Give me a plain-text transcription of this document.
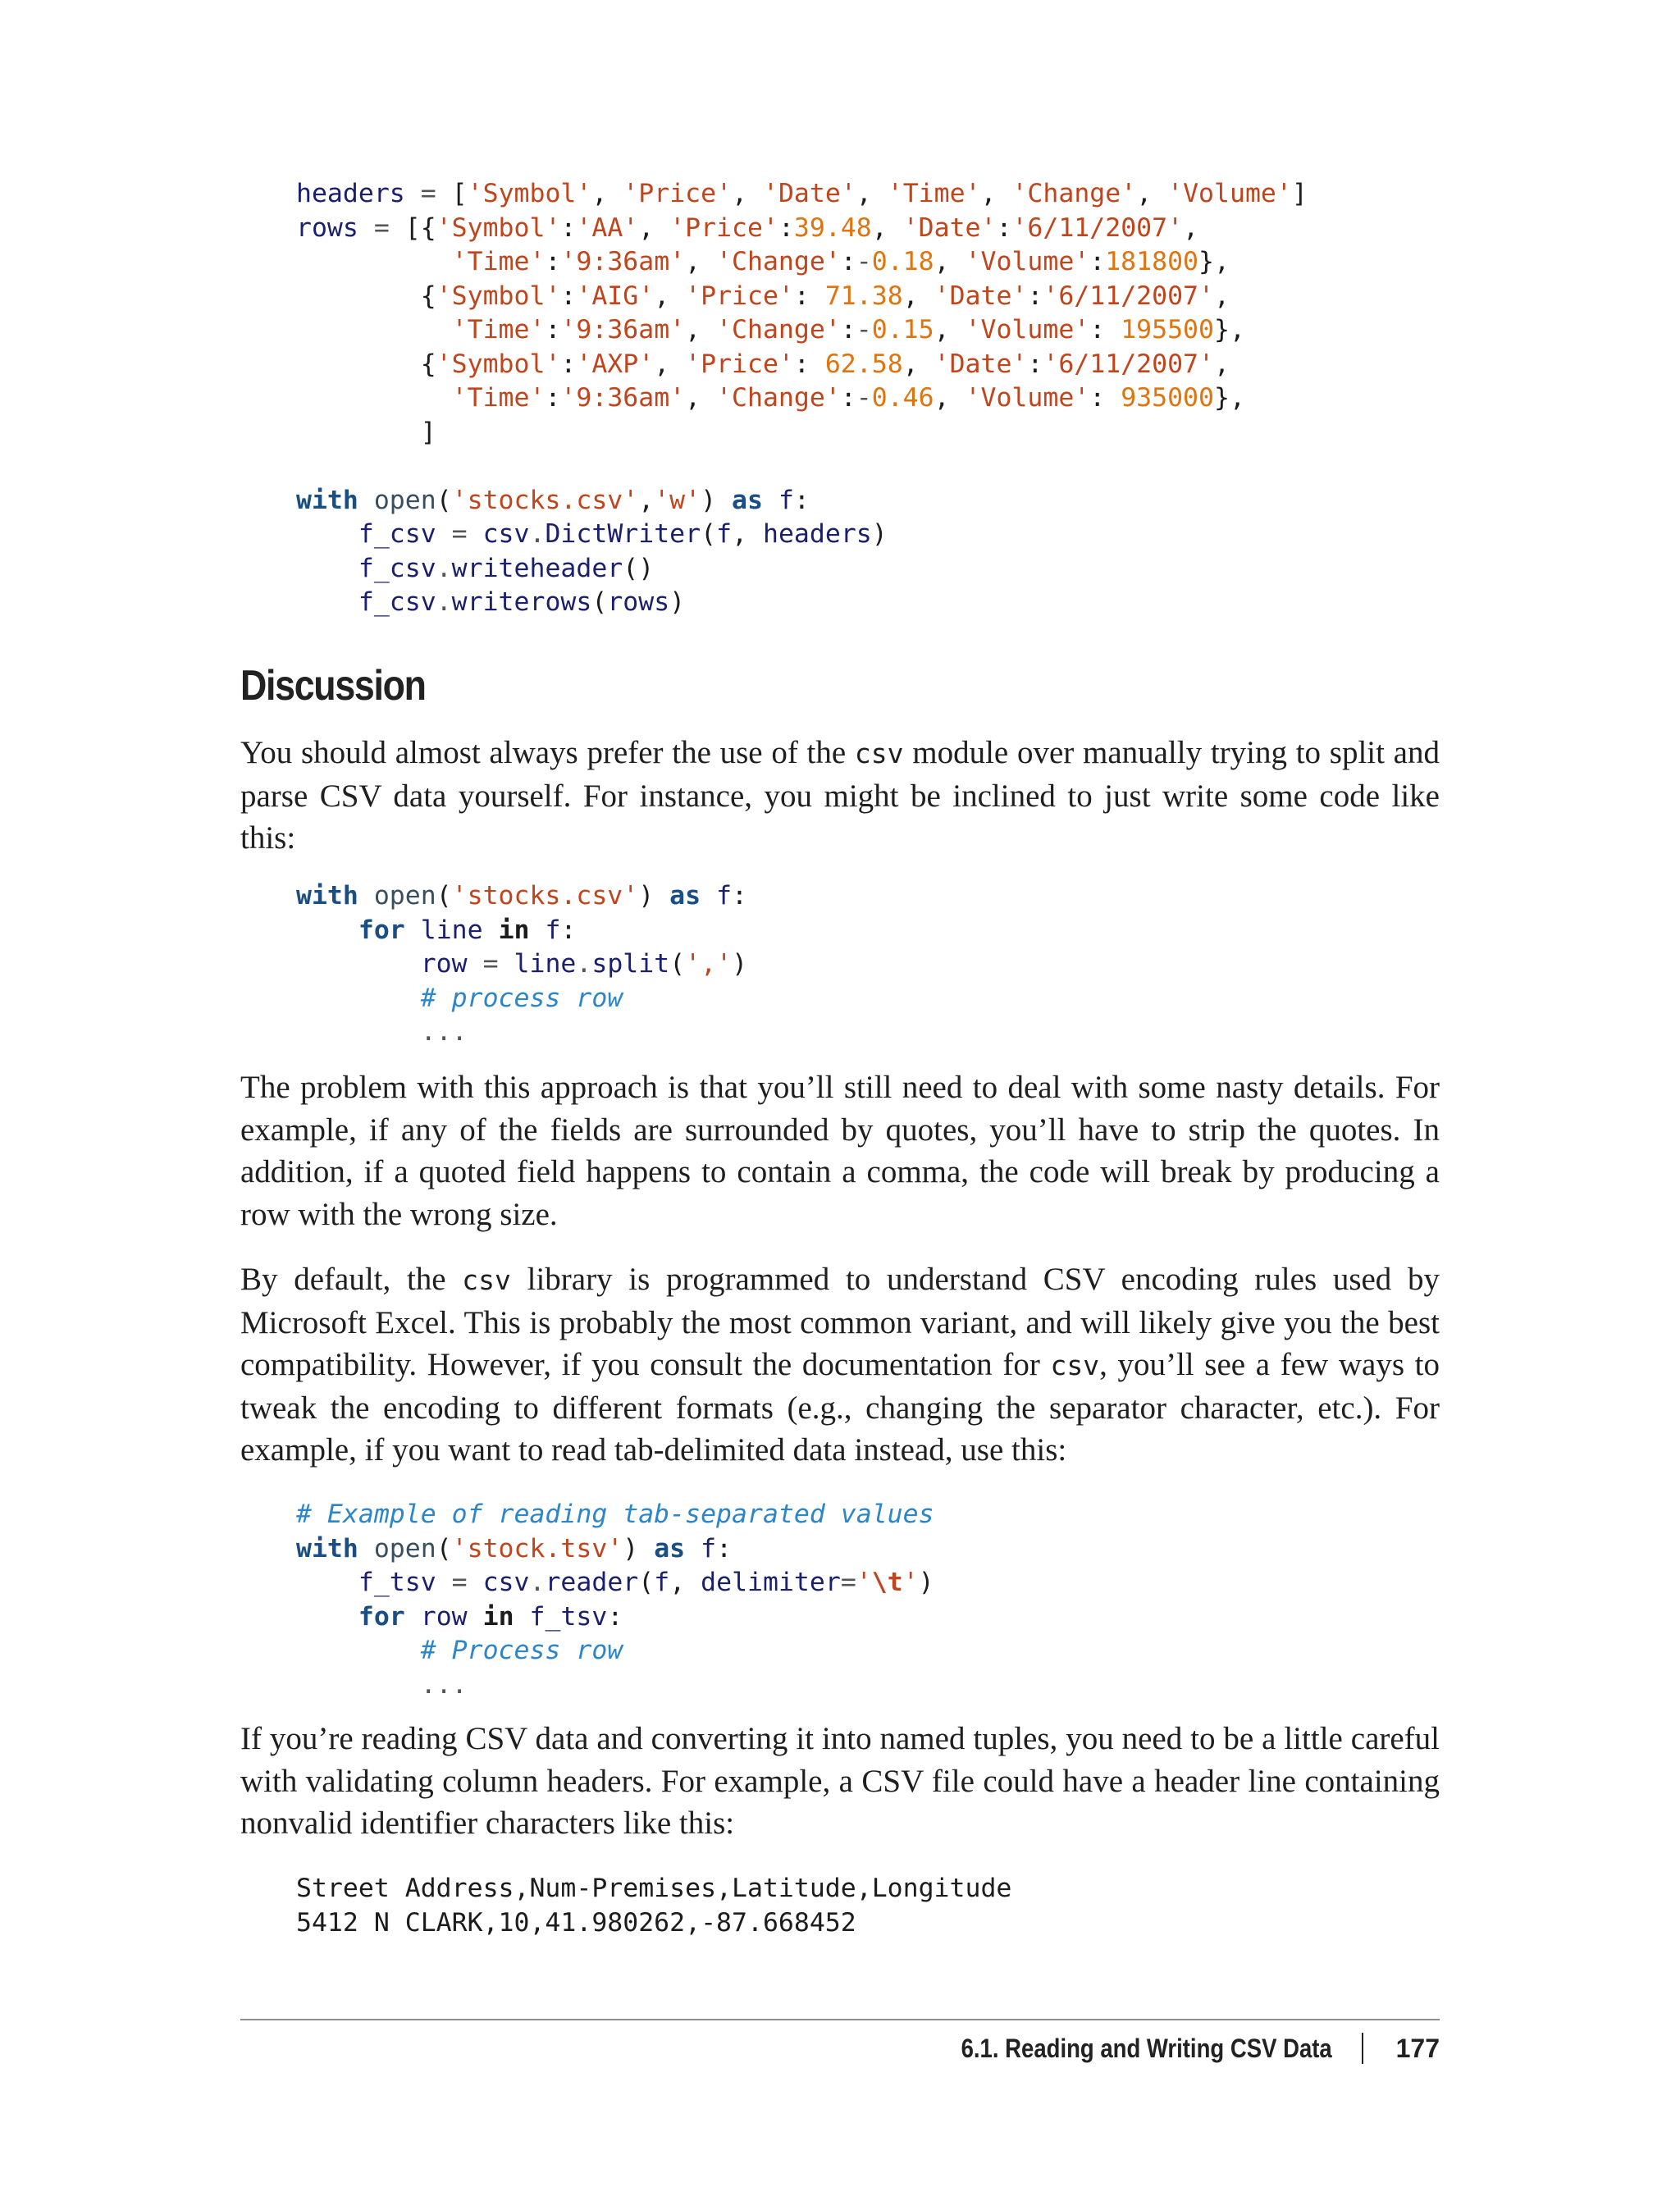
headers = ['Symbol', 'Price', 'Date', 'Time', 'Change', 'Volume']
rows = [{'Symbol':'AA', 'Price':39.48, 'Date':'6/11/2007',
'Time':'9:36am', 'Change':-0.18, 'Volume':181800},
{'Symbol':'AIG', 'Price': 71.38, 'Date':'6/11/2007',
'Time':'9:36am', 'Change':-0.15, 'Volume': 195500},
{'Symbol':'AXP', 'Price': 62.58, 'Date':'6/11/2007',
'Time':'9:36am', 'Change':-0.46, 'Volume': 935000},
]

with open('stocks.csv','w') as f:
f_csv = csv.DictWriter(f, headers)
f_csv.writeheader()
f_csv.writerows(rows)
Discussion

You should almost always prefer the use of the csv module over manually trying to split and parse CSV data yourself. For instance, you might be inclined to just write some code like this:

with open('stocks.csv') as f:
for line in f:
row = line.split(',')
# process row
...

The problem with this approach is that you’ll still need to deal with some nasty details. For example, if any of the fields are surrounded by quotes, you’ll have to strip the quotes. In addition, if a quoted field happens to contain a comma, the code will break by producing a row with the wrong size.

By default, the csv library is programmed to understand CSV encoding rules used by Microsoft Excel. This is probably the most common variant, and will likely give you the best compatibility. However, if you consult the documentation for csv, you’ll see a few ways to tweak the encoding to different formats (e.g., changing the separator character, etc.). For example, if you want to read tab-delimited data instead, use this:

# Example of reading tab-separated values
with open('stock.tsv') as f:
f_tsv = csv.reader(f, delimiter='\t')
for row in f_tsv:
# Process row
...

If you’re reading CSV data and converting it into named tuples, you need to be a little careful with validating column headers. For example, a CSV file could have a header line containing nonvalid identifier characters like this:

Street Address,Num-Premises,Latitude,Longitude
5412 N CLARK,10,41.980262,-87.668452
6.1. Reading and Writing CSV Data 177
